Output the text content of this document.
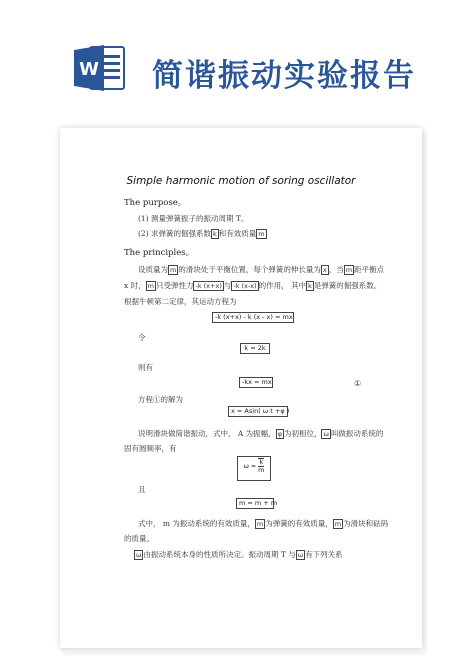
W 简谐振动实验报告
Simple harmonic motion of soring oscillator
The purpose。
(1) 测量弹簧振子的振动周期 T。
(2) 求弹簧的倔强系数 k 和有效质量 m
The principles。
设质量为 m 的滑块处于平衡位置，每个弹簧的伸长量为 x ，当 m 距平衡点
x 时， m 只受弹性力 -k (x+x) 与 -k (x-x) 的作用， 其中 k 是弹簧的倔强系数。
根据牛顿第二定律，其运动方程为
-k (x+x) - k (x - x) = mx
令
k = 2k
则有
-kx = mx	①
方程①的解为
x = Asin( ω t +φ )
说明滑块做简谐振动，式中， A 为振幅， φ 为初相位， ω 叫做振动系统的
固有圆频率，有
$\omega = \frac{k}{m}$
且
m = m + m
式中， m 为振动系统的有效质量， m 为弹簧的有效质量， m 为滑块和砝码
的质量。
ω 由振动系统本身的性质所决定。振动周期 T 与 ω 有下列关系
